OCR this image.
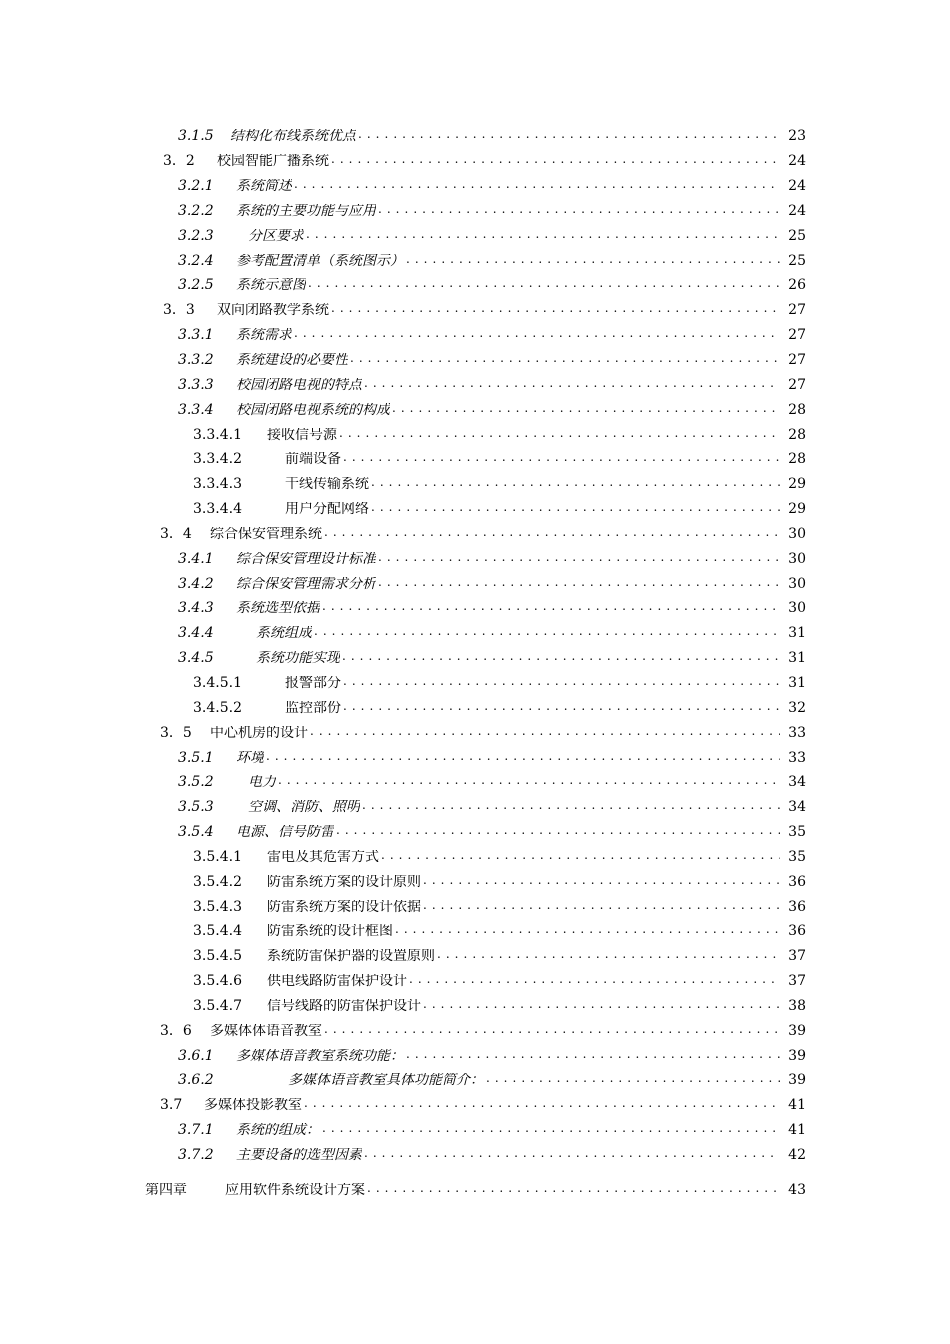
3.1.5	结构化布线系统优点 . . .	23
3．2	校园智能广播系统 . . .	24
3.2.1	系统简述 . . .	24
3.2.2	系统的主要功能与应用 . . .	24
3.2.3	分区要求 . . .	25
3.2.4	参考配置清单（系统图示） . . .	25
3.2.5	系统示意图 . . .	26
3．3	双向闭路教学系统 . . .	27
3.3.1	系统需求 . . .	27
3.3.2	系统建设的必要性 . . .	27
3.3.3	校园闭路电视的特点 . . .	27
3.3.4	校园闭路电视系统的构成 . . .	28
3.3.4.1	接收信号源 . . .	28
3.3.4.2	前端设备 . . .	28
3.3.4.3	干线传输系统 . . .	29
3.3.4.4	用户分配网络 . . .	29
3．4	综合保安管理系统 . . .	30
3.4.1	综合保安管理设计标准 . . .	30
3.4.2	综合保安管理需求分析 . . .	30
3.4.3	系统选型依据 . . .	30
3.4.4	系统组成 . . .	31
3.4.5	系统功能实现 . . .	31
3.4.5.1	报警部分 . . .	31
3.4.5.2	监控部份 . . .	32
3．5	中心机房的设计 . . .	33
3.5.1	环境 . . .	33
3.5.2	电力 . . .	34
3.5.3	空调、消防、照明 . . .	34
3.5.4	电源、信号防雷 . . .	35
3.5.4.1	雷电及其危害方式 . . .	35
3.5.4.2	防雷系统方案的设计原则 . . .	36
3.5.4.3	防雷系统方案的设计依据 . . .	36
3.5.4.4	防雷系统的设计框图 . . .	36
3.5.4.5	系统防雷保护器的设置原则 . . .	37
3.5.4.6	供电线路防雷保护设计 . . .	37
3.5.4.7	信号线路的防雷保护设计 . . .	38
3．6	多媒体体语音教室 . . .	39
3.6.1	多媒体语音教室系统功能： . . .	39
3.6.2	多媒体语音教室具体功能简介： . . .	39
3.7	多媒体投影教室 . . .	41
3.7.1	系统的组成： . . .	41
3.7.2	主要设备的选型因素 . . .	42
第四章	应用软件系统设计方案 . . .	43
